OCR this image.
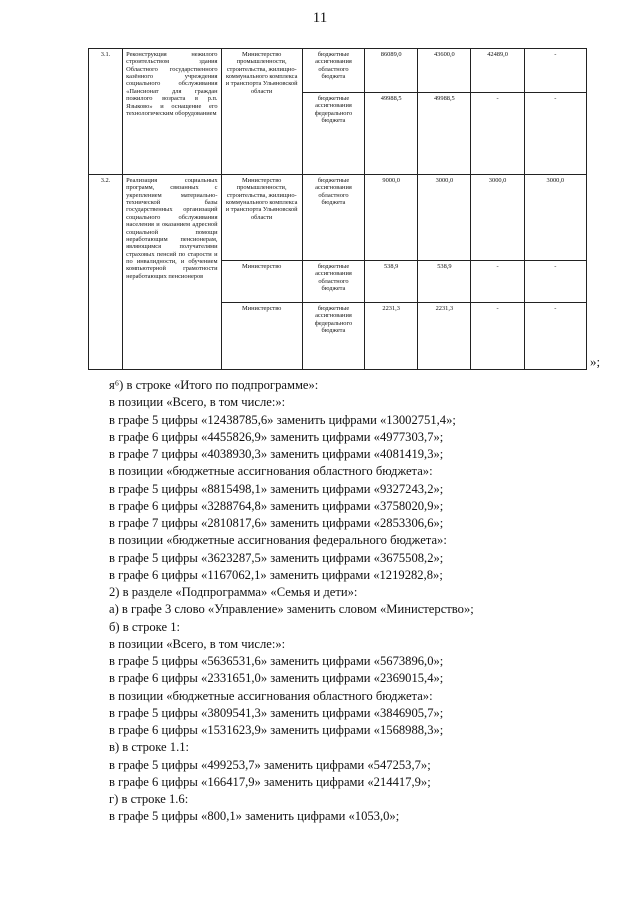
11
3.1.	Реконструкция нежилого строительством здания Областного государственного казённого учреждения социального обслуживания «Пансионат для граждан пожилого возраста в р.п. Языково» и оснащение его технологическим оборудованием	Министерство промышленности, строительства, жилищно-коммунального комплекса и транспорта Ульяновской области	бюджетные ассигнования областного бюджета	86089,0	43600,0	42489,0	-
			бюджетные ассигнования федерального бюджета	49988,5	49988,5	-	-
3.2.	Реализация социальных программ, связанных с укреплением материально-технической базы государственных организаций социального обслуживания населения и оказанием адресной социальной помощи неработающим пенсионерам, являющимся получателями страховых пенсий по старости и по инвалидности, и обучением компьютерной грамотности неработающих пенсионеров	Министерство промышленности, строительства, жилищно-коммунального комплекса и транспорта Ульяновской области	бюджетные ассигнования областного бюджета	9000,0	3000,0	3000,0	3000,0
		Министерство	бюджетные ассигнования областного бюджета	538,9	538,9	-	-
		Министерство	бюджетные ассигнования федерального бюджета	2231,3	2231,3	-	-
»;
я⁶) в строке «Итого по подпрограмме»:
в позиции «Всего, в том числе:»:
в графе 5 цифры «12438785,6» заменить цифрами «13002751,4»;
в графе 6 цифры «4455826,9» заменить цифрами «4977303,7»;
в графе 7 цифры «4038930,3» заменить цифрами «4081419,3»;
в позиции «бюджетные ассигнования областного бюджета»:
в графе 5 цифры «8815498,1» заменить цифрами «9327243,2»;
в графе 6 цифры «3288764,8» заменить цифрами «3758020,9»;
в графе 7 цифры «2810817,6» заменить цифрами «2853306,6»;
в позиции «бюджетные ассигнования федерального бюджета»:
в графе 5 цифры «3623287,5» заменить цифрами «3675508,2»;
в графе 6 цифры «1167062,1» заменить цифрами «1219282,8»;
2) в разделе «Подпрограмма» «Семья и дети»:
а) в графе 3 слово «Управление» заменить словом «Министерство»;
б) в строке 1:
в позиции «Всего, в том числе:»:
в графе 5 цифры «5636531,6» заменить цифрами «5673896,0»;
в графе 6 цифры «2331651,0» заменить цифрами «2369015,4»;
в позиции «бюджетные ассигнования областного бюджета»:
в графе 5 цифры «3809541,3» заменить цифрами «3846905,7»;
в графе 6 цифры «1531623,9» заменить цифрами «1568988,3»;
в) в строке 1.1:
в графе 5 цифры «499253,7» заменить цифрами «547253,7»;
в графе 6 цифры «166417,9» заменить цифрами «214417,9»;
г) в строке 1.6:
в графе 5 цифры «800,1» заменить цифрами «1053,0»;
